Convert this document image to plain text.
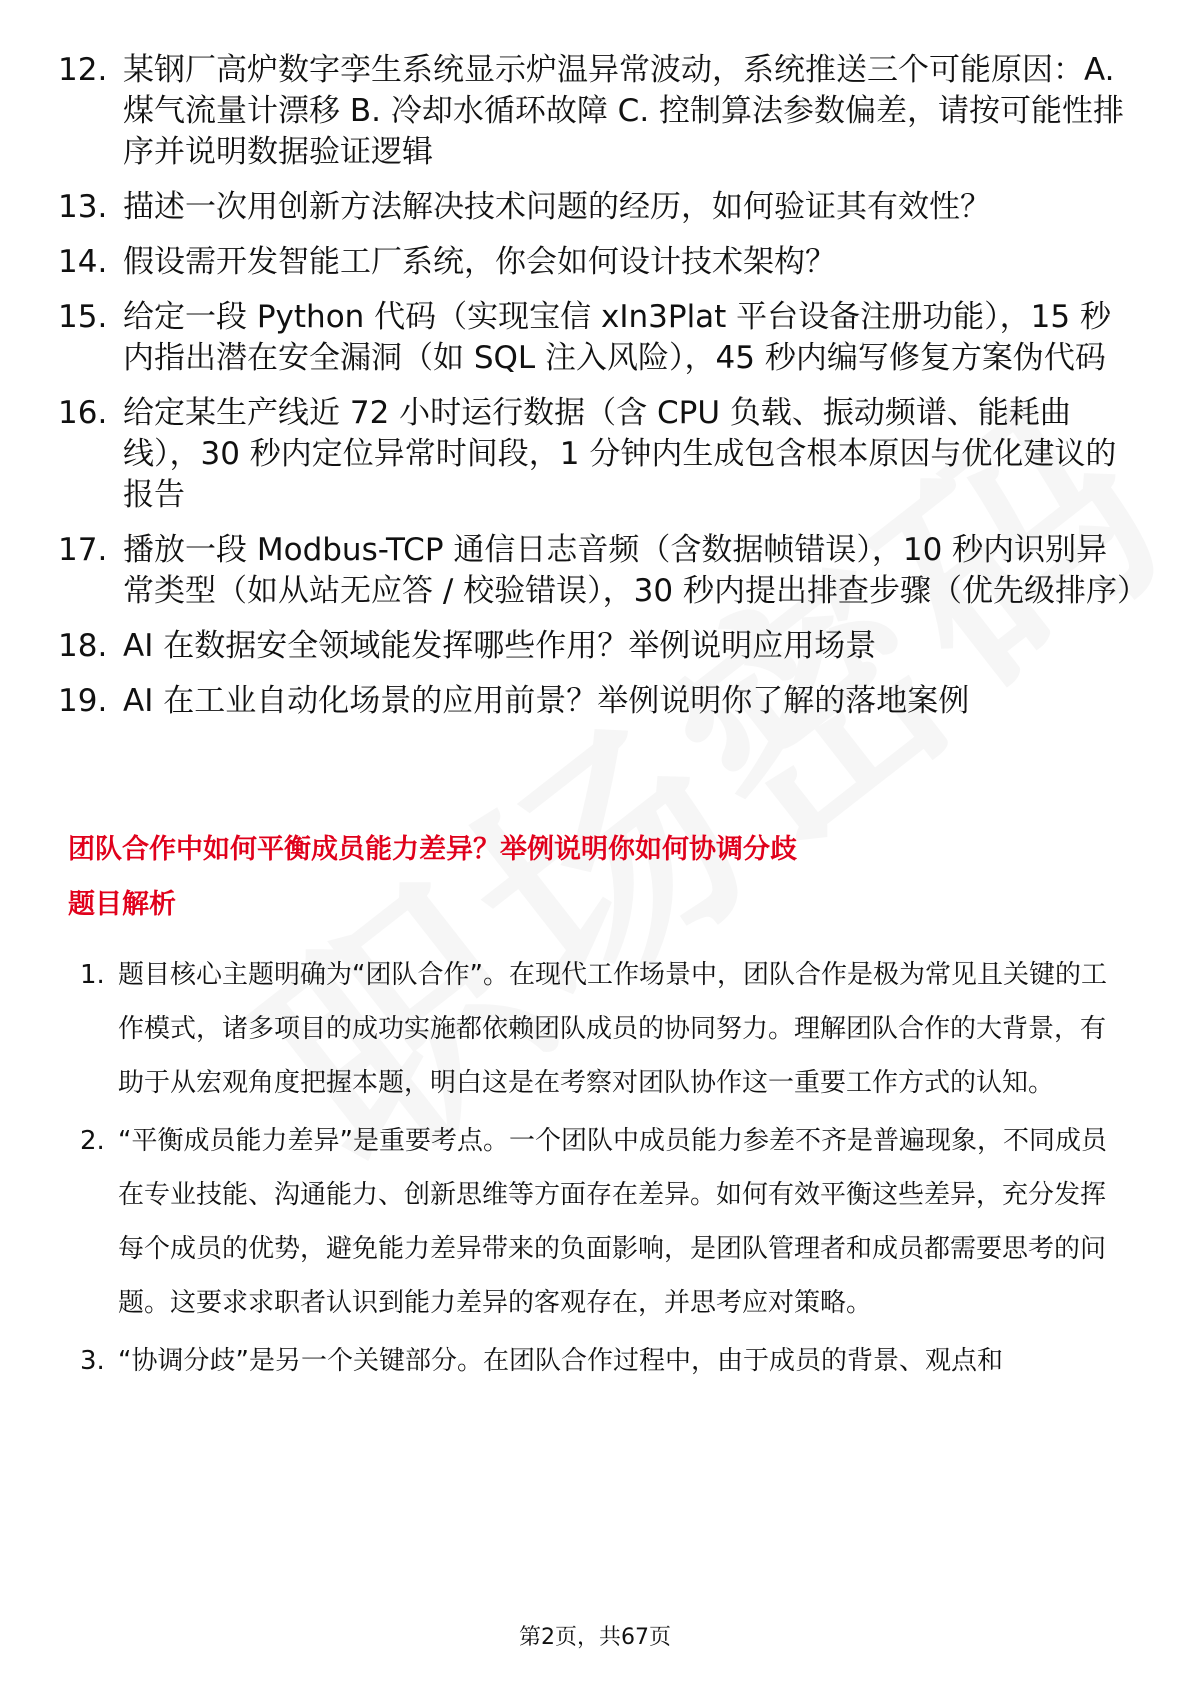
12. 某钢厂高炉数字孪生系统显示炉温异常波动，系统推送三个可能原因：A. 煤气流量计漂移 B. 冷却水循环故障 C. 控制算法参数偏差，请按可能性排序并说明数据验证逻辑
13. 描述一次用创新方法解决技术问题的经历，如何验证其有效性？
14. 假设需开发智能工厂系统，你会如何设计技术架构？
15. 给定一段 Python 代码（实现宝信 xIn3Plat 平台设备注册功能），15 秒内指出潜在安全漏洞（如 SQL 注入风险），45 秒内编写修复方案伪代码
16. 给定某生产线近 72 小时运行数据（含 CPU 负载、振动频谱、能耗曲线），30 秒内定位异常时间段，1 分钟内生成包含根本原因与优化建议的报告
17. 播放一段 Modbus-TCP 通信日志音频（含数据帧错误），10 秒内识别异常类型（如从站无应答 / 校验错误），30 秒内提出排查步骤（优先级排序）
18. AI 在数据安全领域能发挥哪些作用？举例说明应用场景
19. AI 在工业自动化场景的应用前景？举例说明你了解的落地案例
团队合作中如何平衡成员能力差异？举例说明你如何协调分歧
题目解析
1. 题目核心主题明确为“团队合作”。在现代工作场景中，团队合作是极为常见且关键的工作模式，诸多项目的成功实施都依赖团队成员的协同努力。理解团队合作的大背景，有助于从宏观角度把握本题，明白这是在考察对团队协作这一重要工作方式的认知。
2. “平衡成员能力差异”是重要考点。一个团队中成员能力参差不齐是普遍现象，不同成员在专业技能、沟通能力、创新思维等方面存在差异。如何有效平衡这些差异，充分发挥每个成员的优势，避免能力差异带来的负面影响，是团队管理者和成员都需要思考的问题。这要求求职者认识到能力差异的客观存在，并思考应对策略。
3. “协调分歧”是另一个关键部分。在团队合作过程中，由于成员的背景、观点和
第2页，共67页
